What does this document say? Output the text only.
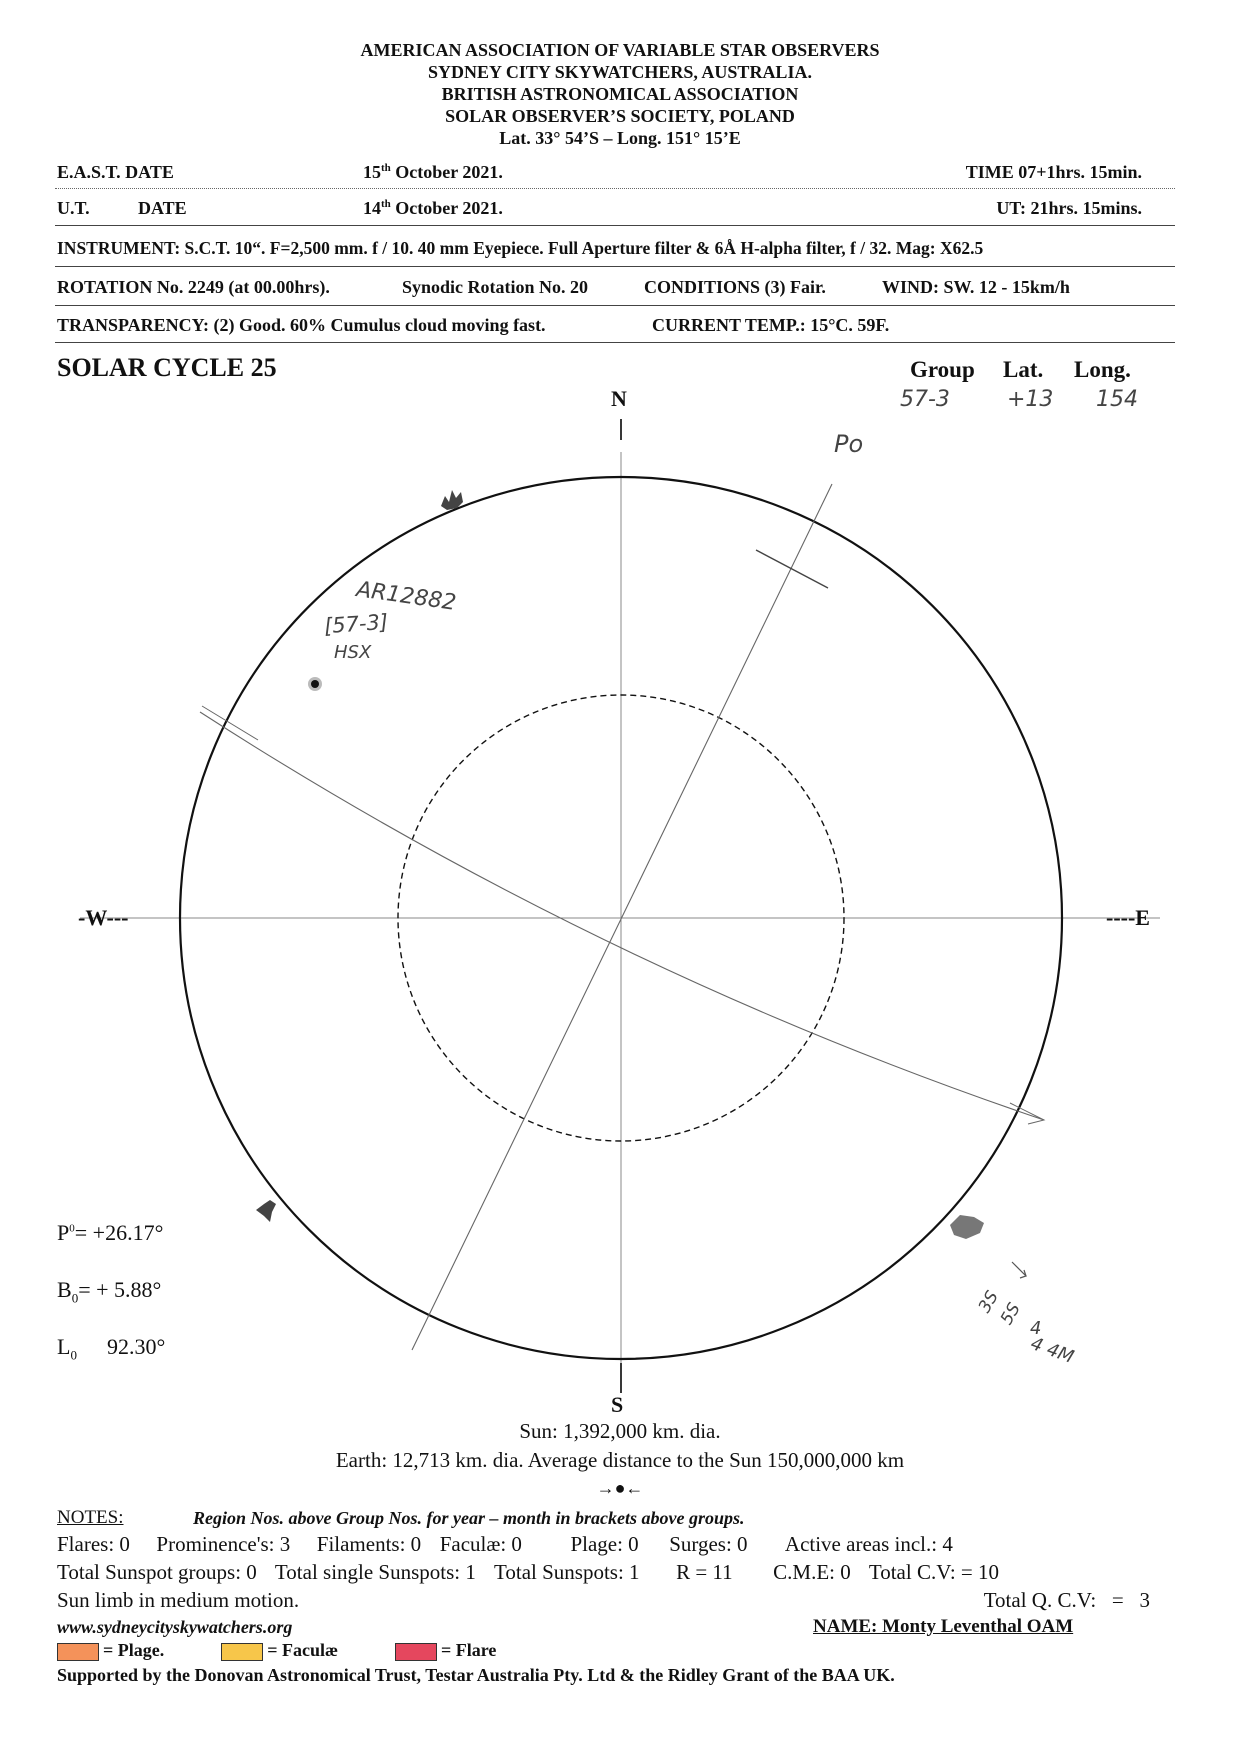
AMERICAN ASSOCIATION OF VARIABLE STAR OBSERVERS
SYDNEY CITY SKYWATCHERS, AUSTRALIA.
BRITISH ASTRONOMICAL ASSOCIATION
SOLAR OBSERVER’S SOCIETY, POLAND
Lat. 33° 54’S – Long. 151° 15’E
E.A.S.T. DATE	15th October 2021.	TIME 07+1hrs. 15min.
U.T.	DATE	14th October 2021.	UT: 21hrs. 15mins.
INSTRUMENT: S.C.T. 10“. F=2,500 mm. f / 10. 40 mm Eyepiece. Full Aperture filter & 6Å H-alpha filter, f / 32. Mag: X62.5
ROTATION No. 2249 (at 00.00hrs).	Synodic Rotation No. 20	CONDITIONS (3) Fair.	WIND: SW. 12 - 15km/h
TRANSPARENCY: (2) Good. 60% Cumulus cloud moving fast.	CURRENT TEMP.: 15°C. 59F.
SOLAR CYCLE 25	Group Lat. Long.
57-3	+13 154
N
S
-W---	----E
Po
AR12882
[57-3]
HSX
3S
5S
4
4 4M
$P^0= +26.17^\circ$
$B_0= + 5.88^\circ$
$L_0$ 92.30°
Sun: 1,392,000 km. dia.
Earth: 12,713 km. dia. Average distance to the Sun 150,000,000 km
→●←
NOTES:	Region Nos. above Group Nos. for year – month in brackets above groups.
Flares: 0 Prominence's: 3 Filaments: 0 Faculæ: 0 Plage: 0 Surges: 0 Active areas incl.: 4
Total Sunspot groups: 0 Total single Sunspots: 1 Total Sunspots: 1 R = 11 C.M.E: 0 Total C.V: = 10
Sun limb in medium motion.	Total Q. C.V:   =   3
www.sydneycityskywatchers.org	NAME: Monty Leventhal OAM
= Plage.	= Faculæ	= Flare
Supported by the Donovan Astronomical Trust, Testar Australia Pty. Ltd & the Ridley Grant of the BAA UK.
